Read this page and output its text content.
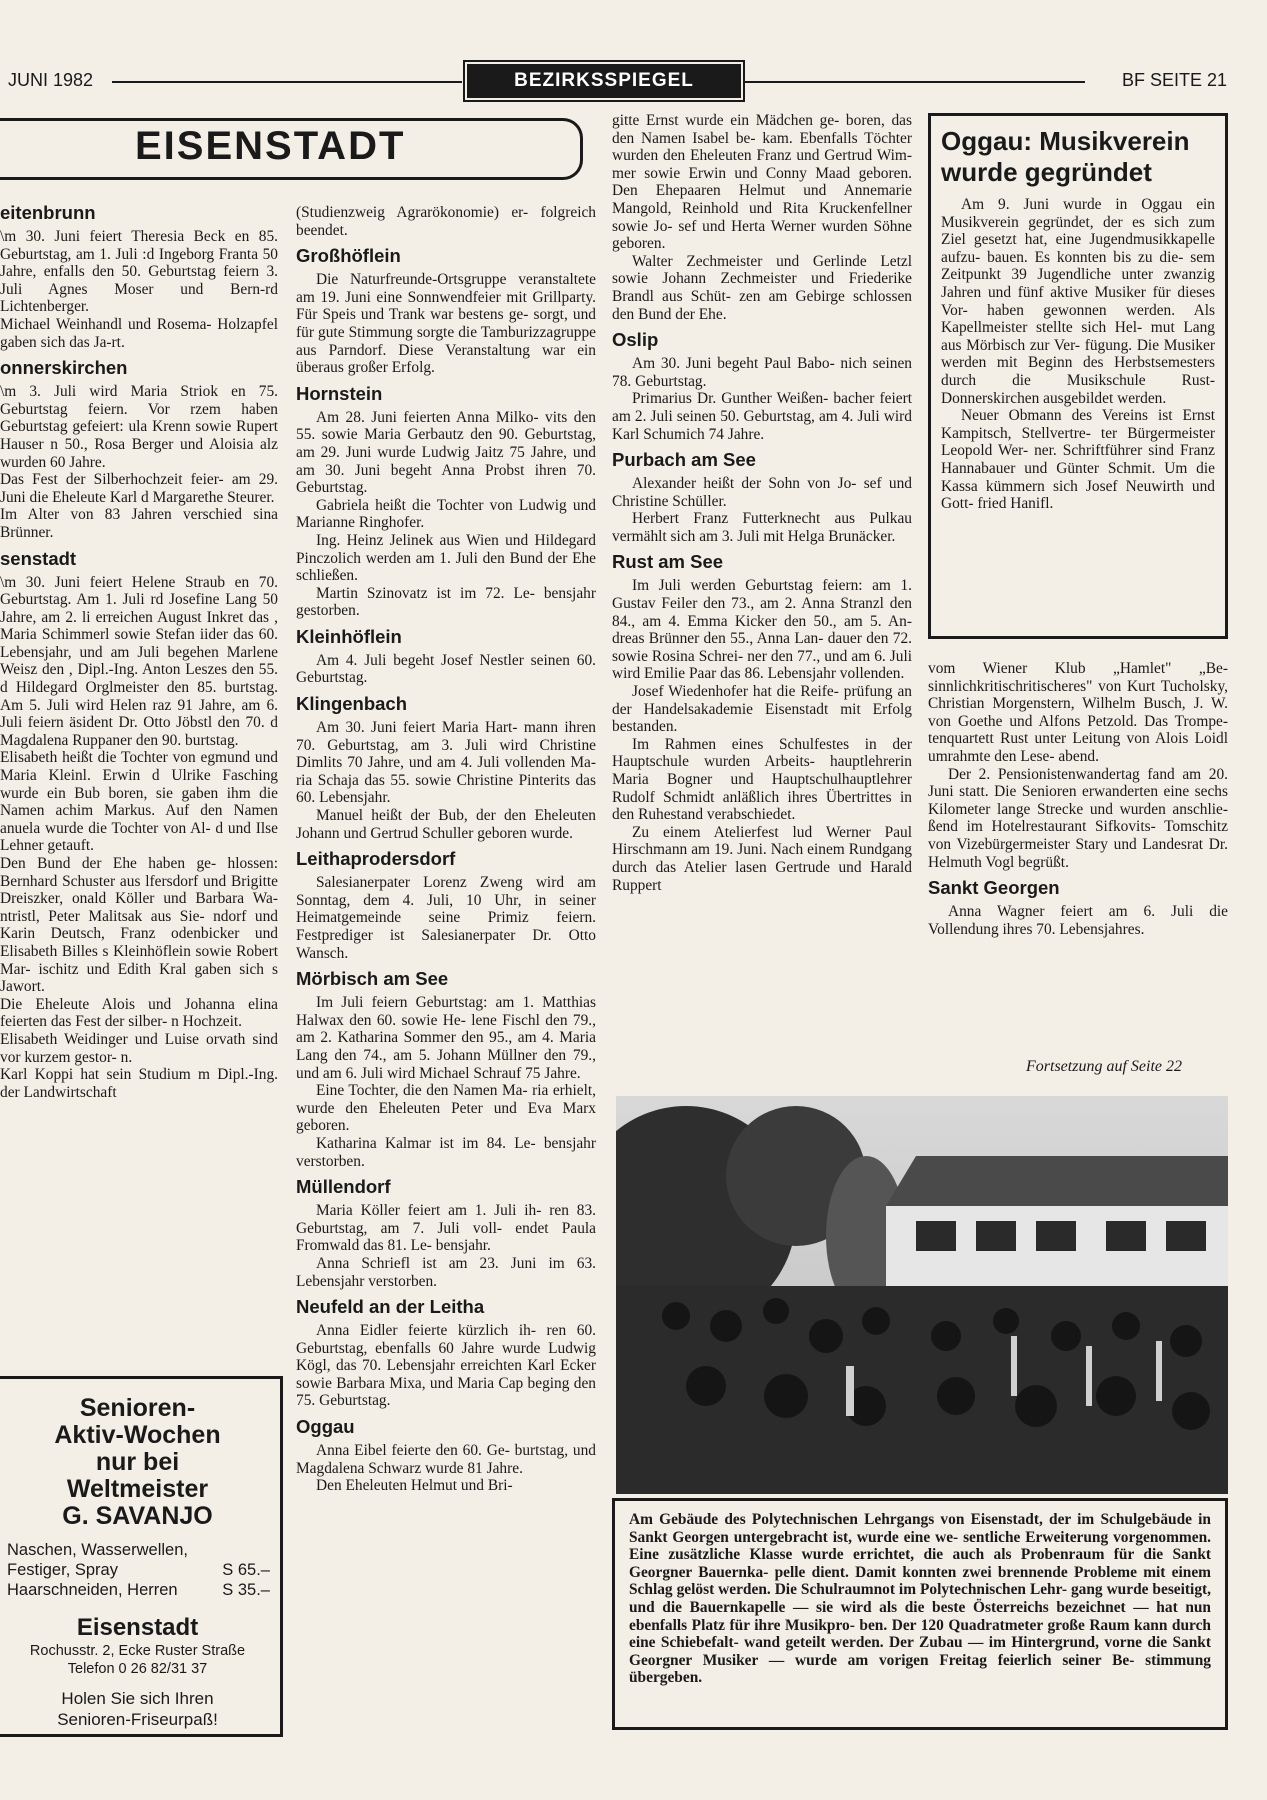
JUNI 1982	BEZIRKSSPIEGEL	BF SEITE 21
EISENSTADT
eitenbrunn

\m 30. Juni feiert Theresia Beck en 85. Geburtstag, am 1. Juli :d Ingeborg Franta 50 Jahre, enfalls den 50. Geburtstag feiern 3. Juli Agnes Moser und Bern-rd Lichtenberger.

Michael Weinhandl und Rosema- Holzapfel gaben sich das Ja-rt.

onnerskirchen

\m 3. Juli wird Maria Striok en 75. Geburtstag feiern. Vor rzem haben Geburtstag gefeiert: ula Krenn sowie Rupert Hauser n 50., Rosa Berger und Aloisia alz wurden 60 Jahre.

Das Fest der Silberhochzeit feier- am 29. Juni die Eheleute Karl d Margarethe Steurer.

Im Alter von 83 Jahren verschied sina Brünner.

senstadt

\m 30. Juni feiert Helene Straub en 70. Geburtstag. Am 1. Juli rd Josefine Lang 50 Jahre, am 2. li erreichen August Inkret das , Maria Schimmerl sowie Stefan iider das 60. Lebensjahr, und am Juli begehen Marlene Weisz den , Dipl.-Ing. Anton Leszes den 55. d Hildegard Orglmeister den 85. burtstag. Am 5. Juli wird Helen raz 91 Jahre, am 6. Juli feiern äsident Dr. Otto Jöbstl den 70. d Magdalena Ruppaner den 90. burtstag.

Elisabeth heißt die Tochter von egmund und Maria Kleinl. Erwin d Ulrike Fasching wurde ein Bub boren, sie gaben ihm die Namen achim Markus. Auf den Namen anuela wurde die Tochter von Al- d und Ilse Lehner getauft.

Den Bund der Ehe haben ge- hlossen: Bernhard Schuster aus lfersdorf und Brigitte Dreiszker, onald Köller und Barbara Wa- ntristl, Peter Malitsak aus Sie- ndorf und Karin Deutsch, Franz odenbicker und Elisabeth Billes s Kleinhöflein sowie Robert Mar- ischitz und Edith Kral gaben sich s Jawort.

Die Eheleute Alois und Johanna elina feierten das Fest der silber- n Hochzeit.

Elisabeth Weidinger und Luise orvath sind vor kurzem gestor- n.

Karl Koppi hat sein Studium m Dipl.-Ing. der Landwirtschaft

(Studienzweig Agrarökonomie) er- folgreich beendet.

Großhöflein

Die Naturfreunde-Ortsgruppe veranstaltete am 19. Juni eine Sonnwendfeier mit Grillparty. Für Speis und Trank war bestens ge- sorgt, und für gute Stimmung sorgte die Tamburizzagruppe aus Parndorf. Diese Veranstaltung war ein überaus großer Erfolg.

Hornstein

Am 28. Juni feierten Anna Milko- vits den 55. sowie Maria Gerbautz den 90. Geburtstag, am 29. Juni wurde Ludwig Jaitz 75 Jahre, und am 30. Juni begeht Anna Probst ihren 70. Geburtstag.

Gabriela heißt die Tochter von Ludwig und Marianne Ringhofer.

Ing. Heinz Jelinek aus Wien und Hildegard Pinczolich werden am 1. Juli den Bund der Ehe schließen.

Martin Szinovatz ist im 72. Le- bensjahr gestorben.

Kleinhöflein

Am 4. Juli begeht Josef Nestler seinen 60. Geburtstag.

Klingenbach

Am 30. Juni feiert Maria Hart- mann ihren 70. Geburtstag, am 3. Juli wird Christine Dimlits 70 Jahre, und am 4. Juli vollenden Ma- ria Schaja das 55. sowie Christine Pinterits das 60. Lebensjahr.

Manuel heißt der Bub, der den Eheleuten Johann und Gertrud Schuller geboren wurde.

Leithaprodersdorf

Salesianerpater Lorenz Zweng wird am Sonntag, dem 4. Juli, 10 Uhr, in seiner Heimatgemeinde seine Primiz feiern. Festprediger ist Salesianerpater Dr. Otto Wansch.

Mörbisch am See

Im Juli feiern Geburtstag: am 1. Matthias Halwax den 60. sowie He- lene Fischl den 79., am 2. Katharina Sommer den 95., am 4. Maria Lang den 74., am 5. Johann Müllner den 79., und am 6. Juli wird Michael Schrauf 75 Jahre.

Eine Tochter, die den Namen Ma- ria erhielt, wurde den Eheleuten Peter und Eva Marx geboren.

Katharina Kalmar ist im 84. Le- bensjahr verstorben.

Müllendorf

Maria Köller feiert am 1. Juli ih- ren 83. Geburtstag, am 7. Juli voll- endet Paula Fromwald das 81. Le- bensjahr.

Anna Schriefl ist am 23. Juni im 63. Lebensjahr verstorben.

Neufeld an der Leitha

Anna Eidler feierte kürzlich ih- ren 60. Geburtstag, ebenfalls 60 Jahre wurde Ludwig Kögl, das 70. Lebensjahr erreichten Karl Ecker sowie Barbara Mixa, und Maria Cap beging den 75. Geburtstag.

Oggau

Anna Eibel feierte den 60. Ge- burtstag, und Magdalena Schwarz wurde 81 Jahre.

Den Eheleuten Helmut und Bri-

gitte Ernst wurde ein Mädchen ge- boren, das den Namen Isabel be- kam. Ebenfalls Töchter wurden den Eheleuten Franz und Gertrud Wim- mer sowie Erwin und Conny Maad geboren. Den Ehepaaren Helmut und Annemarie Mangold, Reinhold und Rita Kruckenfellner sowie Jo- sef und Herta Werner wurden Söhne geboren.

Walter Zechmeister und Gerlinde Letzl sowie Johann Zechmeister und Friederike Brandl aus Schüt- zen am Gebirge schlossen den Bund der Ehe.

Oslip

Am 30. Juni begeht Paul Babo- nich seinen 78. Geburtstag.

Primarius Dr. Gunther Weißen- bacher feiert am 2. Juli seinen 50. Geburtstag, am 4. Juli wird Karl Schumich 74 Jahre.

Purbach am See

Alexander heißt der Sohn von Jo- sef und Christine Schüller.

Herbert Franz Futterknecht aus Pulkau vermählt sich am 3. Juli mit Helga Brunäcker.

Rust am See

Im Juli werden Geburtstag feiern: am 1. Gustav Feiler den 73., am 2. Anna Stranzl den 84., am 4. Emma Kicker den 50., am 5. An- dreas Brünner den 55., Anna Lan- dauer den 72. sowie Rosina Schrei- ner den 77., und am 6. Juli wird Emilie Paar das 86. Lebensjahr vollenden.

Josef Wiedenhofer hat die Reife- prüfung an der Handelsakademie Eisenstadt mit Erfolg bestanden.

Im Rahmen eines Schulfestes in der Hauptschule wurden Arbeits- hauptlehrerin Maria Bogner und Hauptschulhauptlehrer Rudolf Schmidt anläßlich ihres Übertrittes in den Ruhestand verabschiedet.

Zu einem Atelierfest lud Werner Paul Hirschmann am 19. Juni. Nach einem Rundgang durch das Atelier lasen Gertrude und Harald Ruppert

vom Wiener Klub „Hamlet" „Be- sinnlichkritischritischeres" von Kurt Tucholsky, Christian Morgenstern, Wilhelm Busch, J. W. von Goethe und Alfons Petzold. Das Trompe- tenquartett Rust unter Leitung von Alois Loidl umrahmte den Lese- abend.

Der 2. Pensionistenwandertag fand am 20. Juni statt. Die Senioren erwanderten eine sechs Kilometer lange Strecke und wurden anschlie- ßend im Hotelrestaurant Sifkovits- Tomschitz von Vizebürgermeister Stary und Landesrat Dr. Helmuth Vogl begrüßt.

Sankt Georgen

Anna Wagner feiert am 6. Juli die Vollendung ihres 70. Lebensjahres.

Oggau: Musikverein wurde gegründet

Am 9. Juni wurde in Oggau ein Musikverein gegründet, der es sich zum Ziel gesetzt hat, eine Jugendmusikkapelle aufzu- bauen. Es konnten bis zu die- sem Zeitpunkt 39 Jugendliche unter zwanzig Jahren und fünf aktive Musiker für dieses Vor- haben gewonnen werden. Als Kapellmeister stellte sich Hel- mut Lang aus Mörbisch zur Ver- fügung. Die Musiker werden mit Beginn des Herbstsemesters durch die Musikschule Rust- Donnerskirchen ausgebildet werden.

Neuer Obmann des Vereins ist Ernst Kampitsch, Stellvertre- ter Bürgermeister Leopold Wer- ner. Schriftführer sind Franz Hannabauer und Günter Schmit. Um die Kassa kümmern sich Josef Neuwirth und Gott- fried Hanifl.

Fortsetzung auf Seite 22
Am Gebäude des Polytechnischen Lehrgangs von Eisenstadt, der im Schulgebäude in Sankt Georgen untergebracht ist, wurde eine we- sentliche Erweiterung vorgenommen. Eine zusätzliche Klasse wurde errichtet, die auch als Probenraum für die Sankt Georgner Bauernka- pelle dient. Damit konnten zwei brennende Probleme mit einem Schlag gelöst werden. Die Schulraumnot im Polytechnischen Lehr- gang wurde beseitigt, und die Bauernkapelle — sie wird als die beste Österreichs bezeichnet — hat nun ebenfalls Platz für ihre Musikpro- ben. Der 120 Quadratmeter große Raum kann durch eine Schiebefalt- wand geteilt werden. Der Zubau — im Hintergrund, vorne die Sankt Georgner Musiker — wurde am vorigen Freitag feierlich seiner Be- stimmung übergeben.
Senioren-
Aktiv-Wochen
nur bei
Weltmeister
G. SAVANJO
Naschen, Wasserwellen,
Festiger, Spray	S 65.–
Haarschneiden, Herren	S 35.–
Eisenstadt
Rochusstr. 2, Ecke Ruster Straße
Telefon 0 26 82/31 37
Holen Sie sich Ihren
Senioren-Friseurpaß!
